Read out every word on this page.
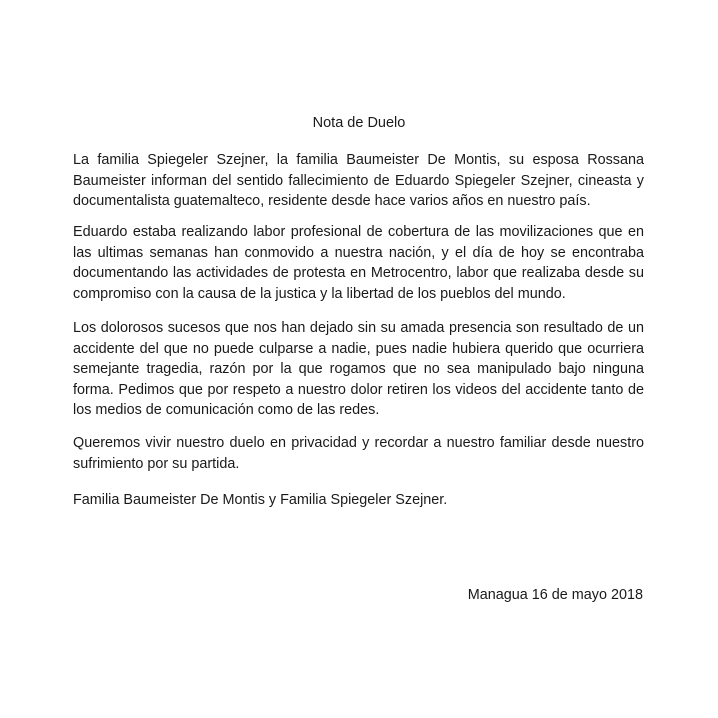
Nota de Duelo

La familia Spiegeler Szejner, la familia Baumeister De Montis, su esposa Rossana Baumeister informan del sentido fallecimiento de Eduardo Spiegeler Szejner, cineasta y documentalista guatemalteco, residente desde hace varios años en nuestro país.

Eduardo estaba realizando labor profesional de cobertura de las movilizaciones que en las ultimas semanas han conmovido a nuestra nación, y el día de hoy se encontraba documentando las actividades de protesta en Metrocentro, labor que realizaba desde su compromiso con la causa de la justica y la libertad de los pueblos del mundo.

Los dolorosos sucesos que nos han dejado sin su amada presencia son resultado de un accidente del que no puede culparse a nadie, pues nadie hubiera querido que ocurriera semejante tragedia, razón por la que rogamos que no sea manipulado bajo ninguna forma. Pedimos que por respeto a nuestro dolor retiren los videos del accidente tanto de los medios de comunicación como de las redes.

Queremos vivir nuestro duelo en privacidad y recordar a nuestro familiar desde nuestro sufrimiento por su partida.

Familia Baumeister De Montis y Familia Spiegeler Szejner.

Managua 16 de mayo 2018
